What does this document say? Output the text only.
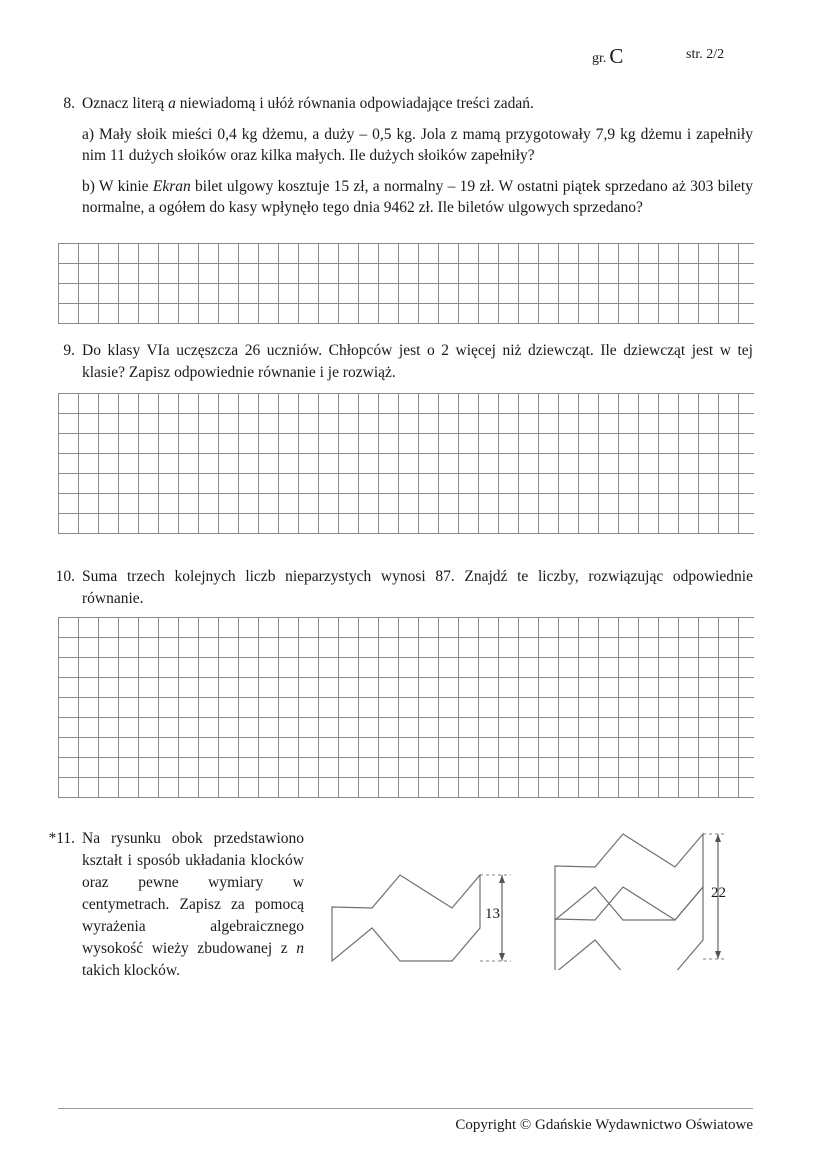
gr. C	str. 2/2
8. Oznacz literą a niewiadomą i ułóż równania odpowiadające treści zadań.

a) Mały słoik mieści 0,4 kg dżemu, a duży – 0,5 kg. Jola z mamą przygotowały 7,9 kg dżemu i zapełniły nim 11 dużych słoików oraz kilka małych. Ile dużych słoików zapełniły?

b) W kinie Ekran bilet ulgowy kosztuje 15 zł, a normalny – 19 zł. W ostatni piątek sprzedano aż 303 bilety normalne, a ogółem do kasy wpłynęło tego dnia 9462 zł. Ile biletów ulgowych sprzedano?

9. Do klasy VIa uczęszcza 26 uczniów. Chłopców jest o 2 więcej niż dziewcząt. Ile dziewcząt jest w tej klasie? Zapisz odpowiednie równanie i je rozwiąż.
10. Suma trzech kolejnych liczb nieparzystych wynosi 87. Znajdź te liczby, rozwiązując odpowiednie równanie.
*11. Na rysunku obok przedstawiono kształt i sposób układania klocków oraz pewne wymiary w centymetrach. Zapisz za pomocą wyrażenia algebraicznego wysokość wieży zbudowanej z n takich klocków.
13
22
Copyright © Gdańskie Wydawnictwo Oświatowe
